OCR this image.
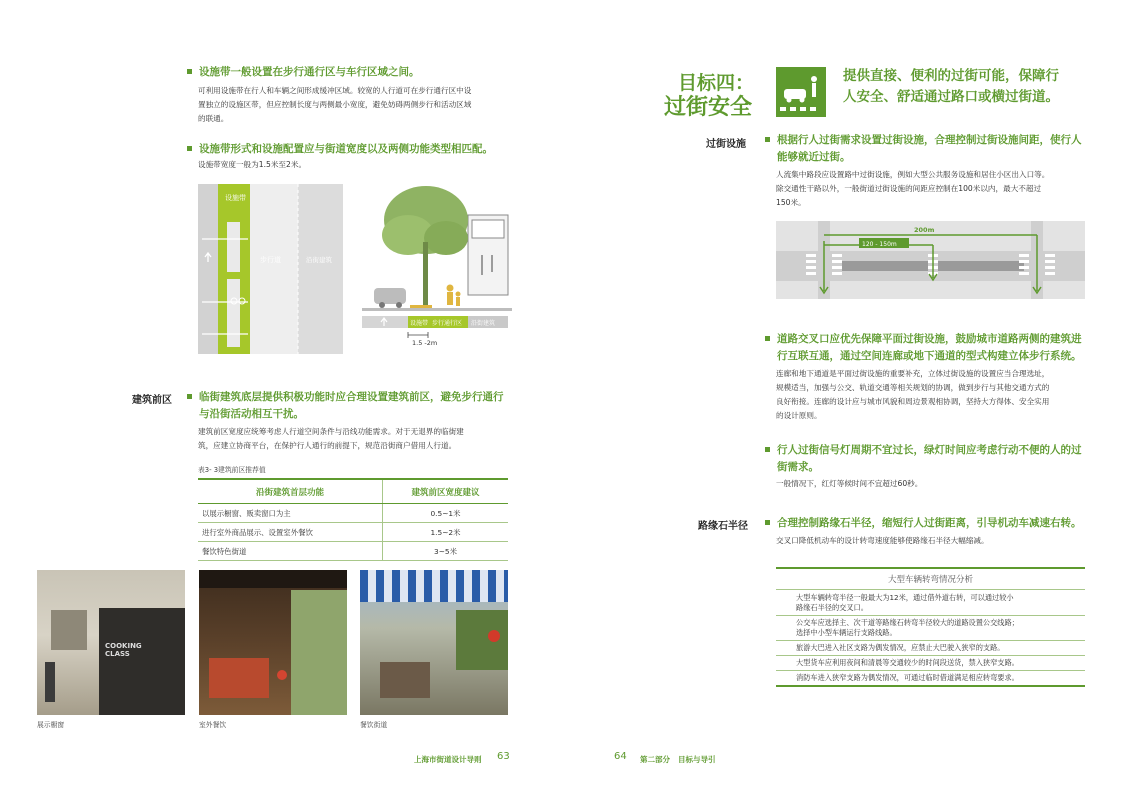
设施带一般设置在步行通行区与车行区域之间。
可利用设施带在行人和车辆之间形成缓冲区域。较宽的人行道可在步行通行区中设
置独立的设施区带，但应控制长度与两侧最小宽度，避免妨碍两侧步行和活动区域
的联通。
设施带形式和设施配置应与街道宽度以及两侧功能类型相匹配。
设施带宽度一般为1.5米至2米。
设施带
步行道	沿街建筑
设施带 步行通行区 沿街建筑
1.5 -2m
建筑前区	临街建筑底层提供积极功能时应合理设置建筑前区，避免步行通行
与沿街活动相互干扰。
建筑前区宽度应统筹考虑人行道空间条件与沿线功能需求。对于无退界的临街建
筑，应建立协商平台，在保护行人通行的前提下，规范沿街商户借用人行道。
表3- 3建筑前区推荐值
沿街建筑首层功能	建筑前区宽度建议
以展示橱窗、贩卖窗口为主	0.5~1米
进行室外商品展示、设置室外餐饮	1.5~2米
餐饮特色街道	3~5米
COOKING CLASS
展示橱窗	室外餐饮	餐饮街道
上海市街道设计导则 63
目标四：
过街安全
提供直接、便利的过街可能，保障行
人安全、舒适通过路口或横过街道。
过街设施	根据行人过街需求设置过街设施，合理控制过街设施间距，使行人
能够就近过街。
人流集中路段应设置路中过街设施，例如大型公共服务设施和居住小区出入口等。
除交通性干路以外，一般街道过街设施的间距应控制在100米以内，最大不超过
150米。
200m
120 - 150m
道路交叉口应优先保障平面过街设施，鼓励城市道路两侧的建筑进
行互联互通，通过空间连廊或地下通道的型式构建立体步行系统。
连廊和地下通道是平面过街设施的重要补充，立体过街设施的设置应当合理选址，
规模适当，加强与公交、轨道交通等相关规划的协调，做到步行与其他交通方式的
良好衔接。连廊的设计应与城市风貌和周边景观相协调，坚持大方得体、安全实用
的设计原则。
行人过街信号灯周期不宜过长，绿灯时间应考虑行动不便的人的过
街需求。
一般情况下，红灯等候时间不宜超过60秒。
路缘石半径	合理控制路缘石半径，缩短行人过街距离，引导机动车减速右转。
交叉口降低机动车的设计转弯速度能够使路缘石半径大幅缩减。
大型车辆转弯情况分析
大型车辆转弯半径一般最大为12米，通过借外道右转，可以通过较小
路缘石半径的交叉口。
公交车应选择主、次干道等路缘石转弯半径较大的道路设置公交线路；
选择中小型车辆运行支路线路。
旅游大巴进入社区支路为偶发情况，应禁止大巴驶入狭窄的支路。
大型货车应利用夜间和清晨等交通较少的时间段送货，禁入狭窄支路。
消防车进入狭窄支路为偶发情况，可通过临时借道满足相应转弯要求。
64 第二部分 目标与导引
